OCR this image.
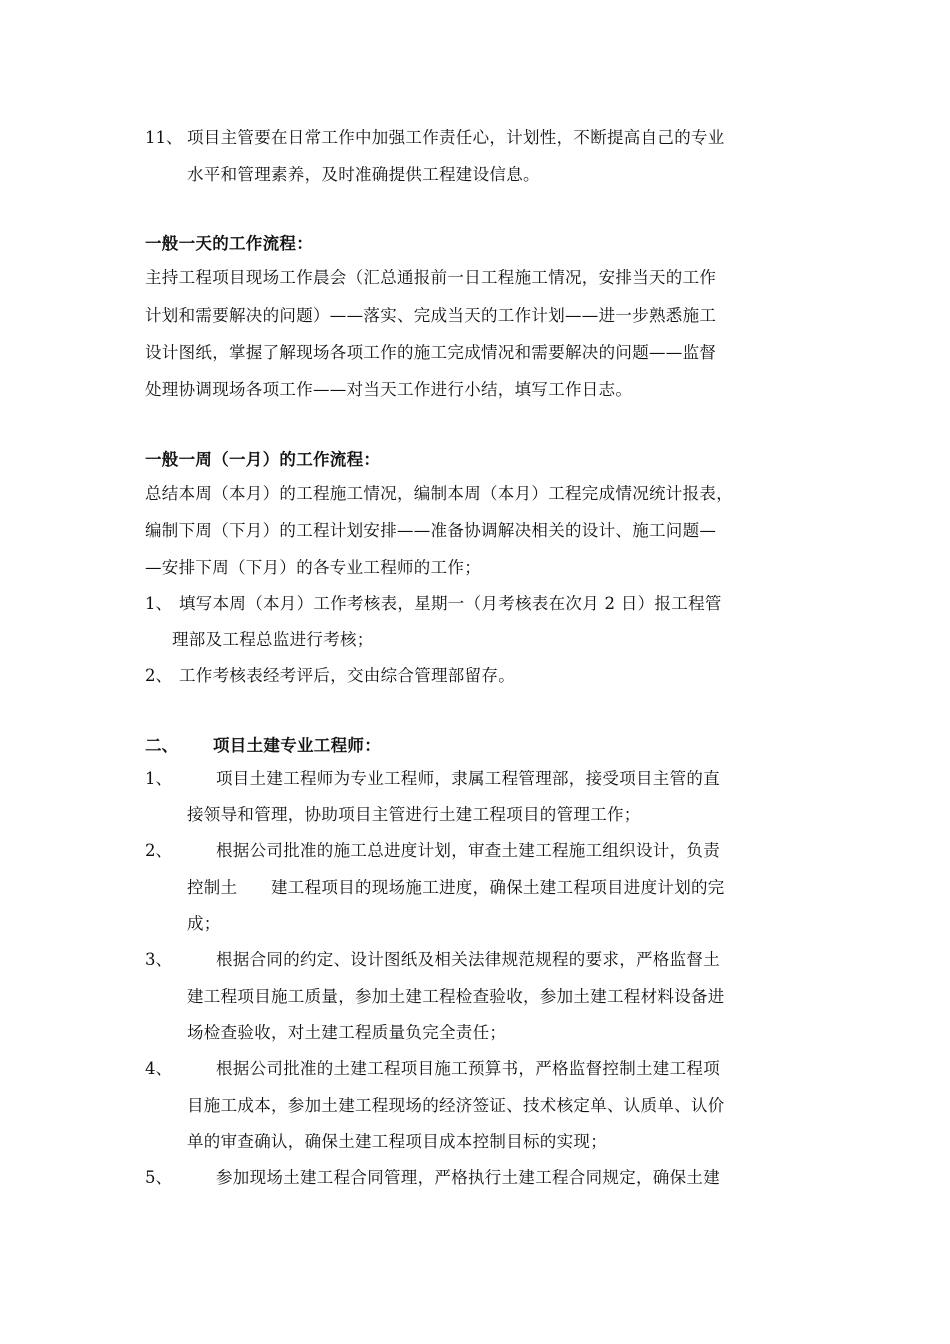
11、 项目主管要在日常工作中加强工作责任心，计划性，不断提高自己的专业
水平和管理素养，及时准确提供工程建设信息。
一般一天的工作流程：
主持工程项目现场工作晨会（汇总通报前一日工程施工情况，安排当天的工作
计划和需要解决的问题）——落实、完成当天的工作计划——进一步熟悉施工
设计图纸，掌握了解现场各项工作的施工完成情况和需要解决的问题——监督
处理协调现场各项工作——对当天工作进行小结，填写工作日志。
一般一周（一月）的工作流程：
总结本周（本月）的工程施工情况，编制本周（本月）工程完成情况统计报表，
编制下周（下月）的工程计划安排——准备协调解决相关的设计、施工问题—
—安排下周（下月）的各专业工程师的工作；
1、 填写本周（本月）工作考核表，星期一（月考核表在次月 2 日）报工程管
理部及工程总监进行考核；
2、 工作考核表经考评后，交由综合管理部留存。
二、 项目土建专业工程师：
1、	项目土建工程师为专业工程师，隶属工程管理部，接受项目主管的直
接领导和管理，协助项目主管进行土建工程项目的管理工作；
2、	根据公司批准的施工总进度计划，审查土建工程施工组织设计，负责
控制土　　建工程项目的现场施工进度，确保土建工程项目进度计划的完
成；
3、	根据合同的约定、设计图纸及相关法律规范规程的要求，严格监督土
建工程项目施工质量，参加土建工程检查验收，参加土建工程材料设备进
场检查验收，对土建工程质量负完全责任；
4、	根据公司批准的土建工程项目施工预算书，严格监督控制土建工程项
目施工成本，参加土建工程现场的经济签证、技术核定单、认质单、认价
单的审查确认，确保土建工程项目成本控制目标的实现；
5、	参加现场土建工程合同管理，严格执行土建工程合同规定，确保土建
